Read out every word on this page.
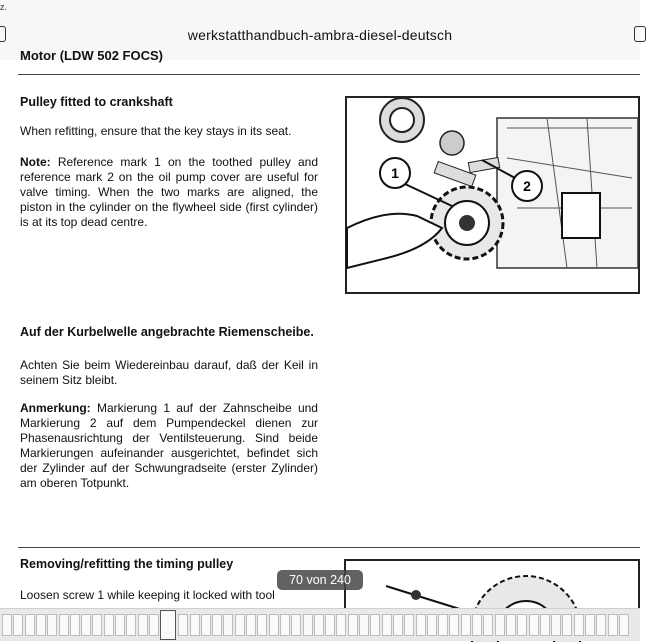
z.
werkstatthandbuch-ambra-diesel-deutsch
Motor (LDW 502 FOCS)
Pulley fitted to crankshaft
When refitting, ensure that the key stays in its seat.
Note: Reference mark 1 on the toothed pulley and reference mark 2 on the oil pump cover are useful for valve timing. When the two marks are aligned, the piston in the cylinder on the flywheel side (first cylinder) is at its top dead centre.
1
2
Auf der Kurbelwelle angebrachte Riemenscheibe.
Achten Sie beim Wiedereinbau darauf, daß der Keil in seinem Sitz bleibt.
Anmerkung: Markierung 1 auf der Zahnscheibe und Markierung 2 auf dem Pumpendeckel dienen zur Phasenausrichtung der Ventilsteuerung. Sind beide Markierungen aufeinander ausgerichtet, befindet sich der Zylinder auf der Schwungradseite (erster Zylinder) am oberen Totpunkt.
Removing/refitting the timing pulley
Loosen screw 1 while keeping it locked with tool
70 von 240
